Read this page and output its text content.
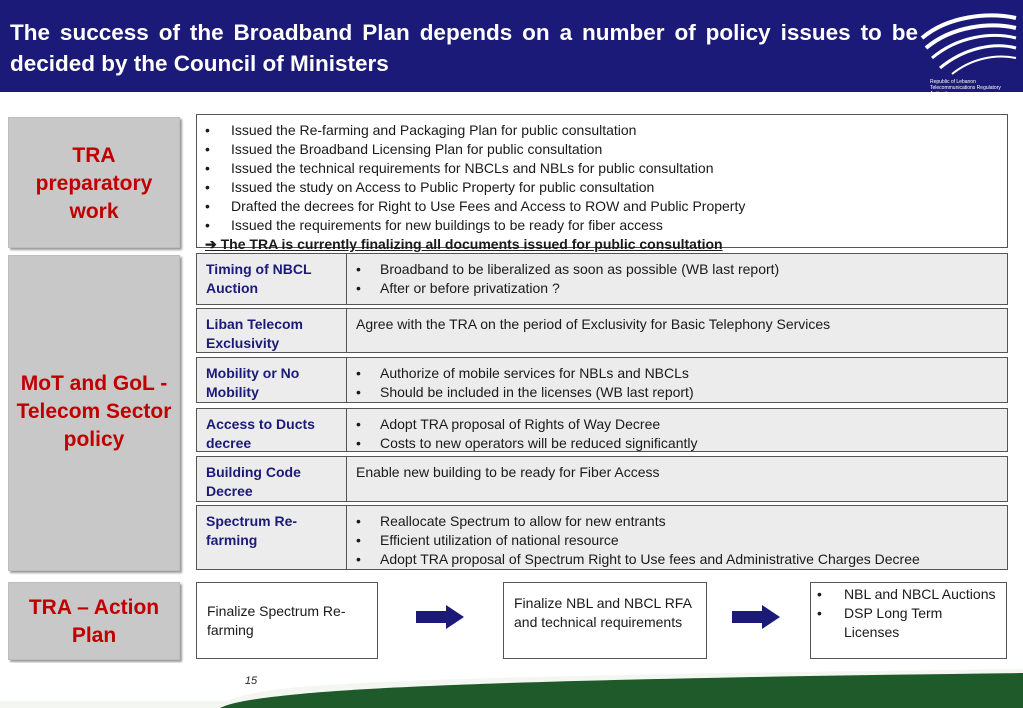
The success of the Broadband Plan depends on a number of policy issues to be decided by the Council of Ministers
Republic of Lebanon Telecommunications Regulatory Authority
TRA preparatory work
MoT and GoL - Telecom Sector policy
TRA – Action Plan
• Issued the Re-farming and Packaging Plan for public consultation
• Issued the Broadband Licensing Plan for public consultation
• Issued the technical requirements for NBCLs and NBLs for public consultation
• Issued the study on Access to Public Property for public consultation
• Drafted the decrees for Right to Use Fees and Access to ROW and Public Property
• Issued the requirements for new buildings to be ready for fiber access
➔ The TRA is currently finalizing all documents issued for public consultation
Timing of NBCL Auction
• Broadband to be liberalized as soon as possible (WB last report)
• After or before privatization ?
Liban Telecom Exclusivity
Agree with the TRA on the period of Exclusivity for Basic Telephony Services
Mobility or No Mobility
• Authorize of mobile services for NBLs and NBCLs
• Should be included in the licenses (WB last report)
Access to Ducts decree
• Adopt TRA proposal of Rights of Way Decree
• Costs to new operators will be reduced significantly
Building Code Decree
Enable new building to be ready for Fiber Access
Spectrum Re-farming
• Reallocate Spectrum to allow for new entrants
• Efficient utilization of national resource
• Adopt TRA proposal of Spectrum Right to Use fees and Administrative Charges Decree
Finalize Spectrum Re-farming
Finalize NBL and NBCL RFA and technical requirements
•	NBL and NBCL Auctions
•	DSP Long Term Licenses
15
